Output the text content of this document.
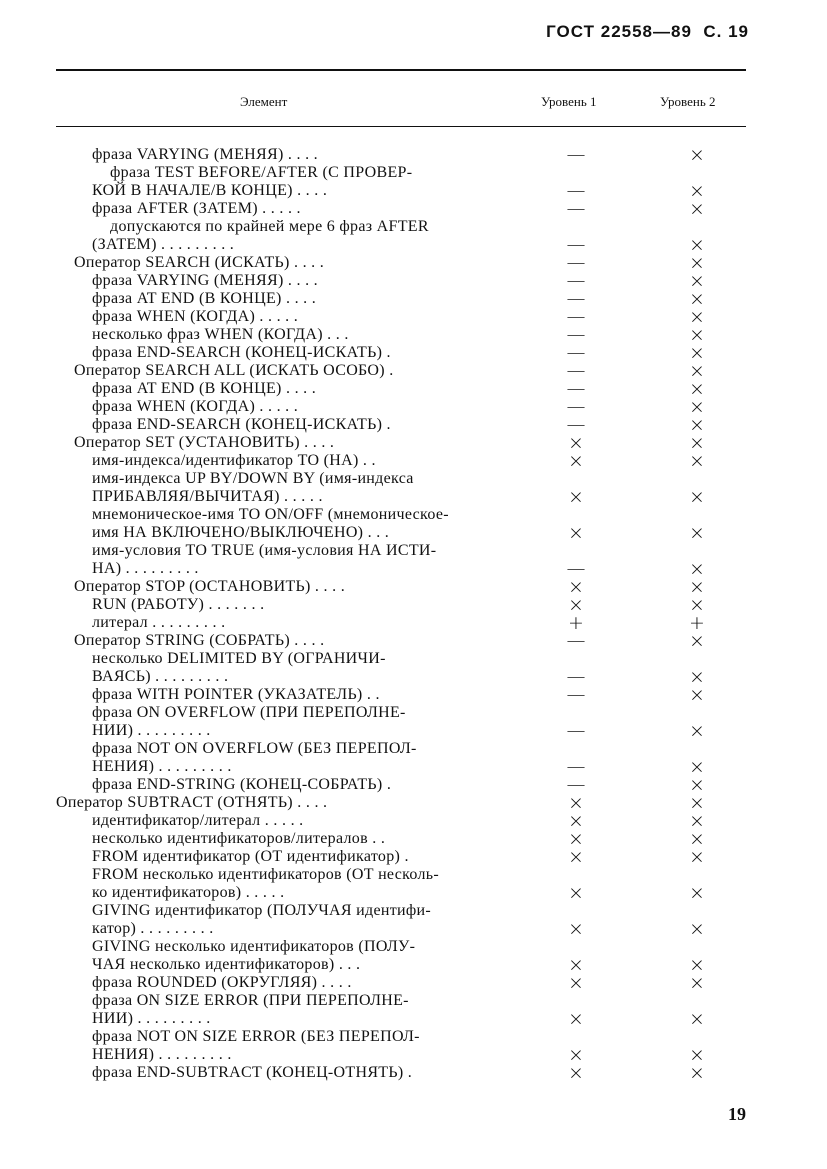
ГОСТ 22558—89  С. 19
Элемент	Уровень 1	Уровень 2
фраза VARYING (МЕНЯЯ) . . . .	—	×
фраза TEST BEFORE/AFTER (С ПРОВЕР-
КОЙ В НАЧАЛЕ/В КОНЦЕ) . . . .	—	×
фраза AFTER (ЗАТЕМ) . . . . .	—	×
допускаются по крайней мере 6 фраз AFTER
(ЗАТЕМ) . . . . . . . . .	—	×
Оператор SEARCH (ИСКАТЬ) . . . .	—	×
фраза VARYING (МЕНЯЯ) . . . .	—	×
фраза AT END (В КОНЦЕ) . . . .	—	×
фраза WHEN (КОГДА) . . . . .	—	×
несколько фраз WHEN (КОГДА) . . .	—	×
фраза END-SEARCH (КОНЕЦ-ИСКАТЬ) .	—	×
Оператор SEARCH ALL (ИСКАТЬ ОСОБО) .	—	×
фраза AT END (В КОНЦЕ) . . . .	—	×
фраза WHEN (КОГДА) . . . . .	—	×
фраза END-SEARCH (КОНЕЦ-ИСКАТЬ) .	—	×
Оператор SET (УСТАНОВИТЬ) . . . .	×	×
имя-индекса/идентификатор ТО (НА) . .	×	×
имя-индекса UP BY/DOWN BY (имя-индекса
ПРИБАВЛЯЯ/ВЫЧИТАЯ) . . . . .	×	×
мнемоническое-имя ТО ON/OFF (мнемоническое-
имя НА ВКЛЮЧЕНО/ВЫКЛЮЧЕНО) . . .	×	×
имя-условия ТО TRUE (имя-условия НА ИСТИ-
НА) . . . . . . . . .	—	×
Оператор STOP (ОСТАНОВИТЬ) . . . .	×	×
RUN (РАБОТУ) . . . . . . .	×	×
литерал . . . . . . . . .	+	+
Оператор STRING (СОБРАТЬ) . . . .	—	×
несколько DELIMITED BY (ОГРАНИЧИ-
ВАЯСЬ) . . . . . . . . .	—	×
фраза WITH POINTER (УКАЗАТЕЛЬ) . .	—	×
фраза ON OVERFLOW (ПРИ ПЕРЕПОЛНЕ-
НИИ) . . . . . . . . .	—	×
фраза NOT ON OVERFLOW (БЕЗ ПЕРЕПОЛ-
НЕНИЯ) . . . . . . . . .	—	×
фраза END-STRING (КОНЕЦ-СОБРАТЬ) .	—	×
Оператор SUBTRACT (ОТНЯТЬ) . . . .	×	×
идентификатор/литерал . . . . .	×	×
несколько идентификаторов/литералов . .	×	×
FROM идентификатор (ОТ идентификатор) .	×	×
FROM несколько идентификаторов (ОТ несколь-
ко идентификаторов) . . . . .	×	×
GIVING идентификатор (ПОЛУЧАЯ идентифи-
катор) . . . . . . . . .	×	×
GIVING несколько идентификаторов (ПОЛУ-
ЧАЯ несколько идентификаторов) . . .	×	×
фраза ROUNDED (ОКРУГЛЯЯ) . . . .	×	×
фраза ON SIZE ERROR (ПРИ ПЕРЕПОЛНЕ-
НИИ) . . . . . . . . .	×	×
фраза NOT ON SIZE ERROR (БЕЗ ПЕРЕПОЛ-
НЕНИЯ) . . . . . . . . .	×	×
фраза END-SUBTRACT (КОНЕЦ-ОТНЯТЬ) .	×	×
19
